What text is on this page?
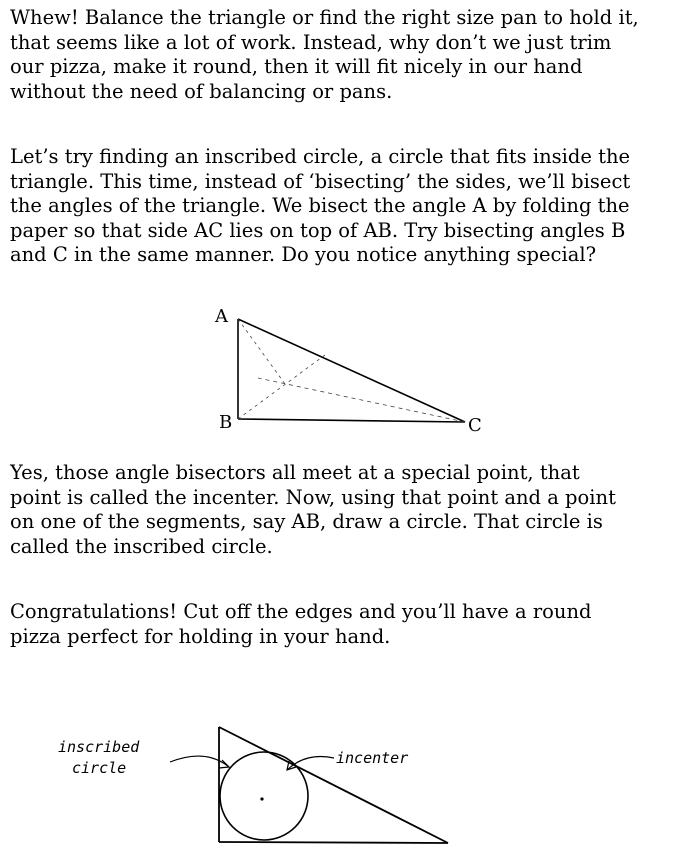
Whew! Balance the triangle or find the right size pan to hold it,
that seems like a lot of work. Instead, why don’t we just trim
our pizza, make it round, then it will fit nicely in our hand
without the need of balancing or pans.

Let’s try finding an inscribed circle, a circle that fits inside the
triangle. This time, instead of ‘bisecting’ the sides, we’ll bisect
the angles of the triangle. We bisect the angle A by folding the
paper so that side AC lies on top of AB. Try bisecting angles B
and C in the same manner. Do you notice anything special?

A
B	C

Yes, those angle bisectors all meet at a special point, that
point is called the incenter. Now, using that point and a point
on one of the segments, say AB, draw a circle. That circle is
called the inscribed circle.

Congratulations! Cut off the edges and you’ll have a round
pizza perfect for holding in your hand.

inscribed
circle
incenter
